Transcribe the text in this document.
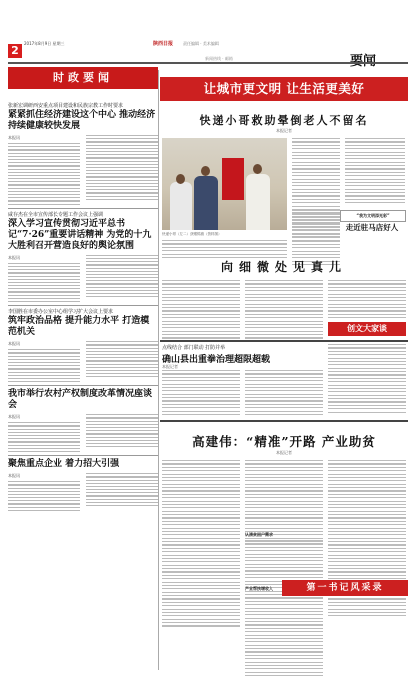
2
2017年8月9日 星期三	陕西日报 责任编辑 · 美术编辑
新闻热线 · 邮箱
时政要闻
张新宏调研西安重点项目建设和民族宗教工作时要求
紧紧抓住经济建设这个中心 推动经济持续健康较快发展
本报讯
咸存杰在全市宣传部长专题工作会议上强调
深入学习宣传贯彻习近平总书记“7·26”重要讲话精神 为党的十九大胜利召开营造良好的舆论氛围
本报讯
李国胜在市委办公室中心组学习扩大会议上要求
筑牢政治品格 提升能力水平 打造模范机关
本报讯
我市举行农村产权制度改革情况座谈会
本报讯
聚焦重点企业 着力招大引强
本报讯
让城市更文明 让生活更美好
快递小哥救助晕倒老人不留名
本报记者
快递小哥（左二）获赠锦旗（资料图）
“我为文明添光彩”
走近驻马店好人
向细微处见真儿
创文大家谈
点线结合 部门联动 打防并举
确山县出重拳治理超限超载
本报记者
高建伟：“精准”开路 产业助贫
本报记者
认清贫困户需求
产业帮扶增收入	第一书记风采录
